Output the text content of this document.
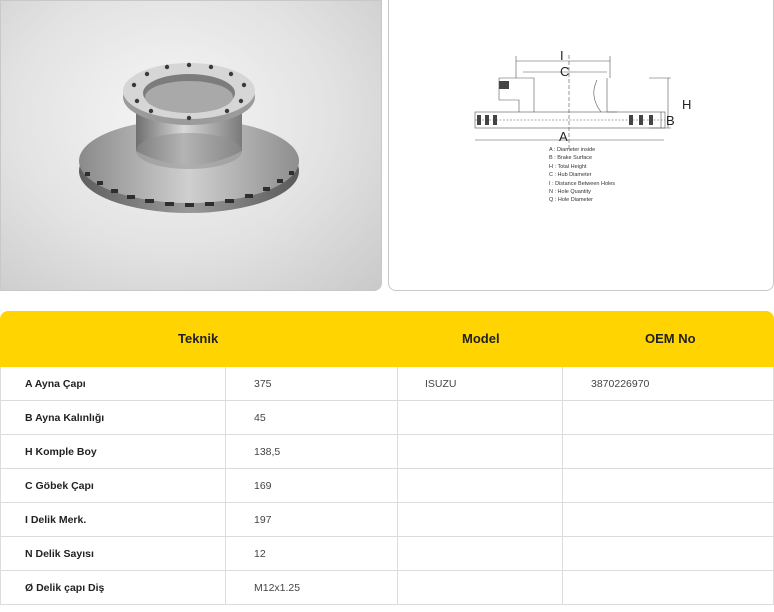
I
C
H
B
A
A : Diameter inside
B : Brake Surface
H : Total Height
C : Hub Diameter
I : Distance Between Holes
N : Hole Quantity
Q : Hole Diameter
Teknik	Model	OEM No
A Ayna Çapı	375	ISUZU	3870226970
B Ayna Kalınlığı	45
H Komple Boy	138,5
C Göbek Çapı	169
I Delik Merk.	197
N Delik Sayısı	12
Ø Delik çapı Diş	M12x1.25
